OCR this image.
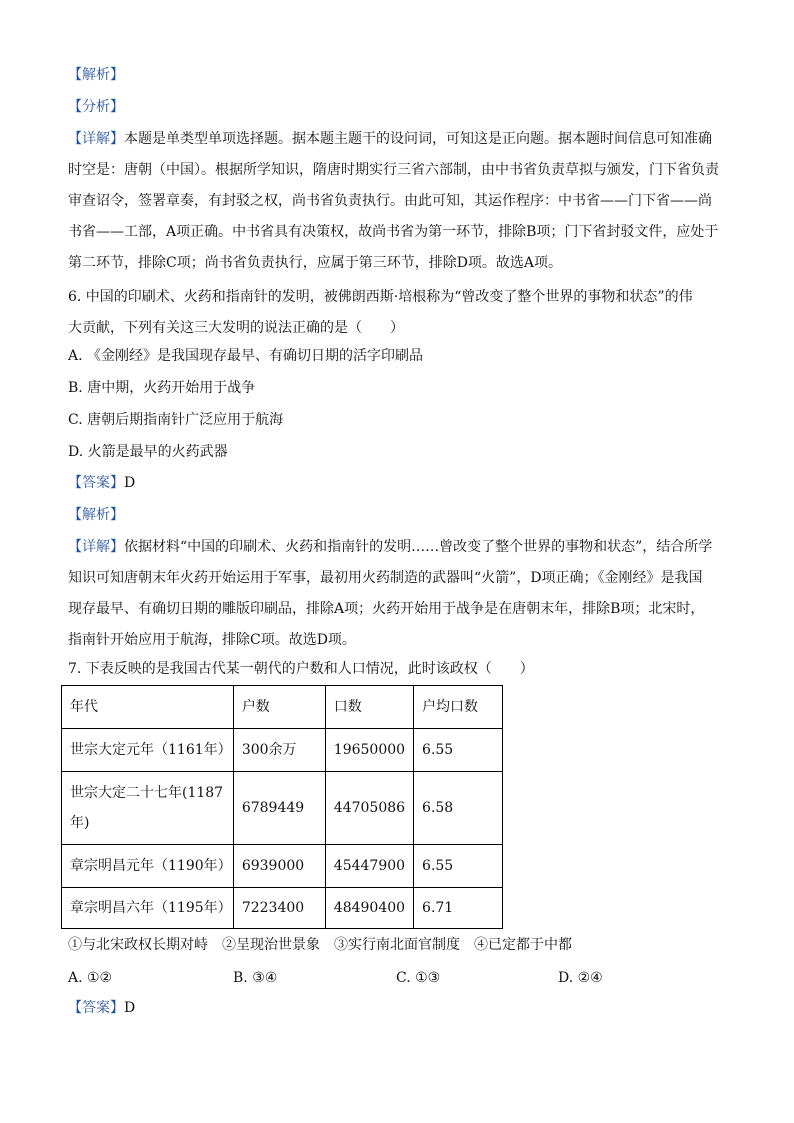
【解析】
【分析】

【详解】本题是单类型单项选择题。据本题主题干的设问词，可知这是正向题。据本题时间信息可知准确

时空是：唐朝（中国）。根据所学知识，隋唐时期实行三省六部制，由中书省负责草拟与颁发，门下省负责

审查诏令，签署章奏，有封驳之权，尚书省负责执行。由此可知，其运作程序：中书省——门下省——尚

书省——工部，A项正确。中书省具有决策权，故尚书省为第一环节，排除B项；门下省封驳文件，应处于

第二环节，排除C项；尚书省负责执行，应属于第三环节，排除D项。故选A项。

6. 中国的印刷术、火药和指南针的发明，被佛朗西斯·培根称为“曾改变了整个世界的事物和状态”的伟

大贡献，下列有关这三大发明的说法正确的是（　　）

A. 《金刚经》是我国现存最早、有确切日期的活字印刷品
B. 唐中期，火药开始用于战争
C. 唐朝后期指南针广泛应用于航海
D. 火箭是最早的火药武器
【答案】D
【解析】

【详解】依据材料“中国的印刷术、火药和指南针的发明……曾改变了整个世界的事物和状态”，结合所学

知识可知唐朝末年火药开始运用于军事，最初用火药制造的武器叫“火箭”，D项正确；《金刚经》是我国

现存最早、有确切日期的雕版印刷品，排除A项；火药开始用于战争是在唐朝末年，排除B项；北宋时，

指南针开始应用于航海，排除C项。故选D项。

7. 下表反映的是我国古代某一朝代的户数和人口情况，此时该政权（　　）
年代	户数	口数	户均口数
世宗大定元年（1161年）	300余万	19650000	6.55
世宗大定二十七年(1187年)	6789449	44705086	6.58
章宗明昌元年（1190年）	6939000	45447900	6.55
章宗明昌六年（1195年）	7223400	48490400	6.71
①与北宋政权长期对峙　②呈现治世景象　③实行南北面官制度　④已定都于中都
A. ①②	B. ③④	C. ①③	D. ②④
【答案】D
